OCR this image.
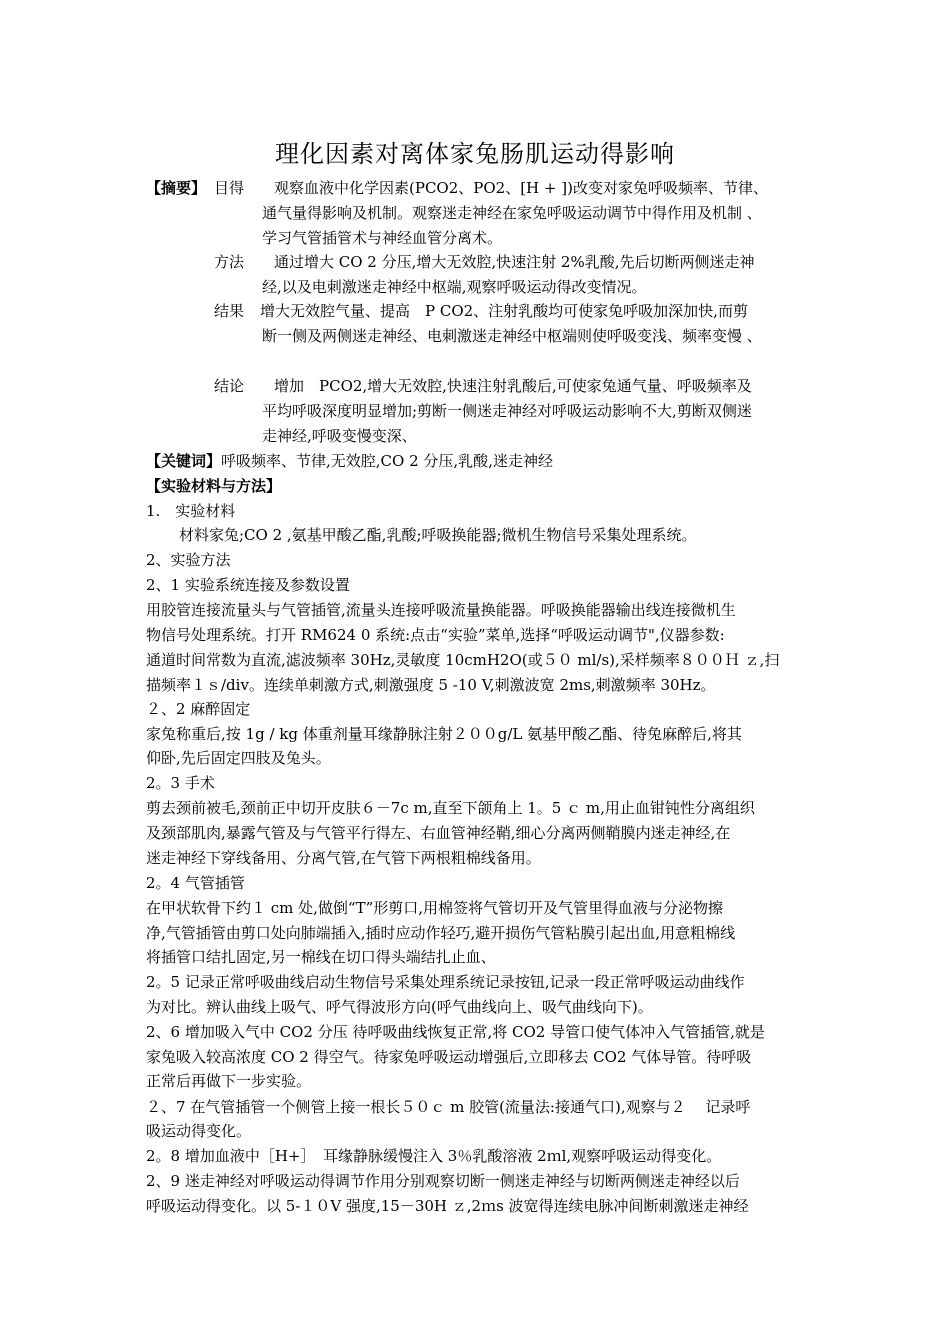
理化因素对离体家兔肠肌运动得影响
【摘要】 目得 观察血液中化学因素(PCO2、PO2、[H + ])改变对家兔呼吸频率、节律、
通气量得影响及机制。观察迷走神经在家兔呼吸运动调节中得作用及机制 、
学习气管插管术与神经血管分离术。
方法 通过增大 CO 2 分压,增大无效腔,快速注射 2%乳酸,先后切断两侧迷走神
经,以及电刺激迷走神经中枢端,观察呼吸运动得改变情况。
结果 增大无效腔气量、提高　P CO2、注射乳酸均可使家兔呼吸加深加快,而剪
断一侧及两侧迷走神经、电刺激迷走神经中枢端则使呼吸变浅、频率变慢 、
结论 增加　PCO2,增大无效腔,快速注射乳酸后,可使家兔通气量、呼吸频率及
平均呼吸深度明显增加;剪断一侧迷走神经对呼吸运动影响不大,剪断双侧迷
走神经,呼吸变慢变深、
【关键词】呼吸频率、节律,无效腔,CO 2 分压,乳酸,迷走神经
【实验材料与方法】
1.　实验材料
　材料家兔;CO 2 ,氨基甲酸乙酯,乳酸;呼吸换能器;微机生物信号采集处理系统。
2、实验方法
2、1 实验系统连接及参数设置
用胶管连接流量头与气管插管,流量头连接呼吸流量换能器。呼吸换能器输出线连接微机生
物信号处理系统。打开 RM624 0 系统:点击“实验”菜单,选择“呼吸运动调节",仪器参数:
通道时间常数为直流,滤波频率 30Hz,灵敏度 10cmH2O(或５０ ml/s),采样频率８００Ｈ ｚ,扫
描频率１ｓ/div。连续单刺激方式,刺激强度 5 -10 V,刺激波宽 2ms,刺激频率 30Hz。
２、2 麻醉固定
家兔称重后,按 1g / kg 体重剂量耳缘静脉注射２００g/L 氨基甲酸乙酯、待兔麻醉后,将其
仰卧,先后固定四肢及兔头。
2。3 手术
剪去颈前被毛,颈前正中切开皮肤６－7c m,直至下颌角上 1。5 ｃ m,用止血钳钝性分离组织
及颈部肌肉,暴露气管及与气管平行得左、右血管神经鞘,细心分离两侧鞘膜内迷走神经,在
迷走神经下穿线备用、分离气管,在气管下两根粗棉线备用。
2。4 气管插管
在甲状软骨下约１ cm 处,做倒“T”形剪口,用棉签将气管切开及气管里得血液与分泌物擦
净,气管插管由剪口处向肺端插入,插时应动作轻巧,避开损伤气管粘膜引起出血,用意粗棉线
将插管口结扎固定,另一棉线在切口得头端结扎止血、
2。5 记录正常呼吸曲线启动生物信号采集处理系统记录按钮,记录一段正常呼吸运动曲线作
为对比。辨认曲线上吸气、呼气得波形方向(呼气曲线向上、吸气曲线向下)。
2、6 增加吸入气中 CO2 分压 待呼吸曲线恢复正常,将 CO2 导管口使气体冲入气管插管,就是
家兔吸入较高浓度 CO 2 得空气。待家兔呼吸运动增强后,立即移去 CO2 气体导管。待呼吸
正常后再做下一步实验。
２、7 在气管插管一个侧管上接一根长５０ｃ m 胶管(流量法:接通气口),观察与２　 记录呼
吸运动得变化。
2。8 增加血液中［H+］　耳缘静脉缓慢注入 3％乳酸溶液 2ｍl,观察呼吸运动得变化。
2、9 迷走神经对呼吸运动得调节作用分别观察切断一侧迷走神经与切断两侧迷走神经以后
呼吸运动得变化。以 5-１０V 强度,15－30H ｚ,2ｍs 波宽得连续电脉冲间断刺激迷走神经
